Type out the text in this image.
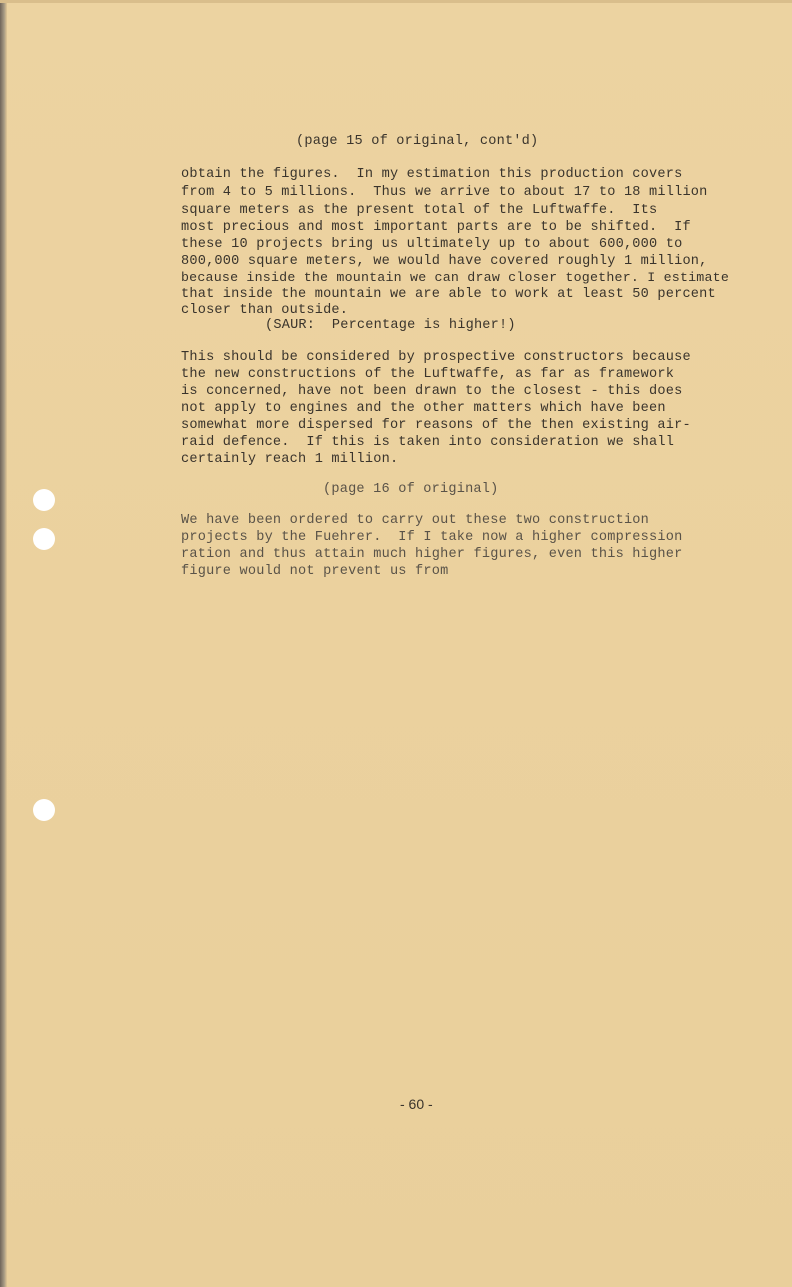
(page 15 of original, cont'd)
obtain the figures.  In my estimation this production covers
from 4 to 5 millions.  Thus we arrive to about 17 to 18 million
square meters as the present total of the Luftwaffe.  Its
most precious and most important parts are to be shifted.  If
these 10 projects bring us ultimately up to about 600,000 to
800,000 square meters, we would have covered roughly 1 million,
because inside the mountain we can draw closer together. I estimate
that inside the mountain we are able to work at least 50 percent
closer than outside.
(SAUR:  Percentage is higher!)
This should be considered by prospective constructors because
the new constructions of the Luftwaffe, as far as framework
is concerned, have not been drawn to the closest - this does
not apply to engines and the other matters which have been
somewhat more dispersed for reasons of the then existing air-
raid defence.  If this is taken into consideration we shall
certainly reach 1 million.
(page 16 of original)
We have been ordered to carry out these two construction
projects by the Fuehrer.  If I take now a higher compression
ration and thus attain much higher figures, even this higher
figure would not prevent us from
- 60 -
